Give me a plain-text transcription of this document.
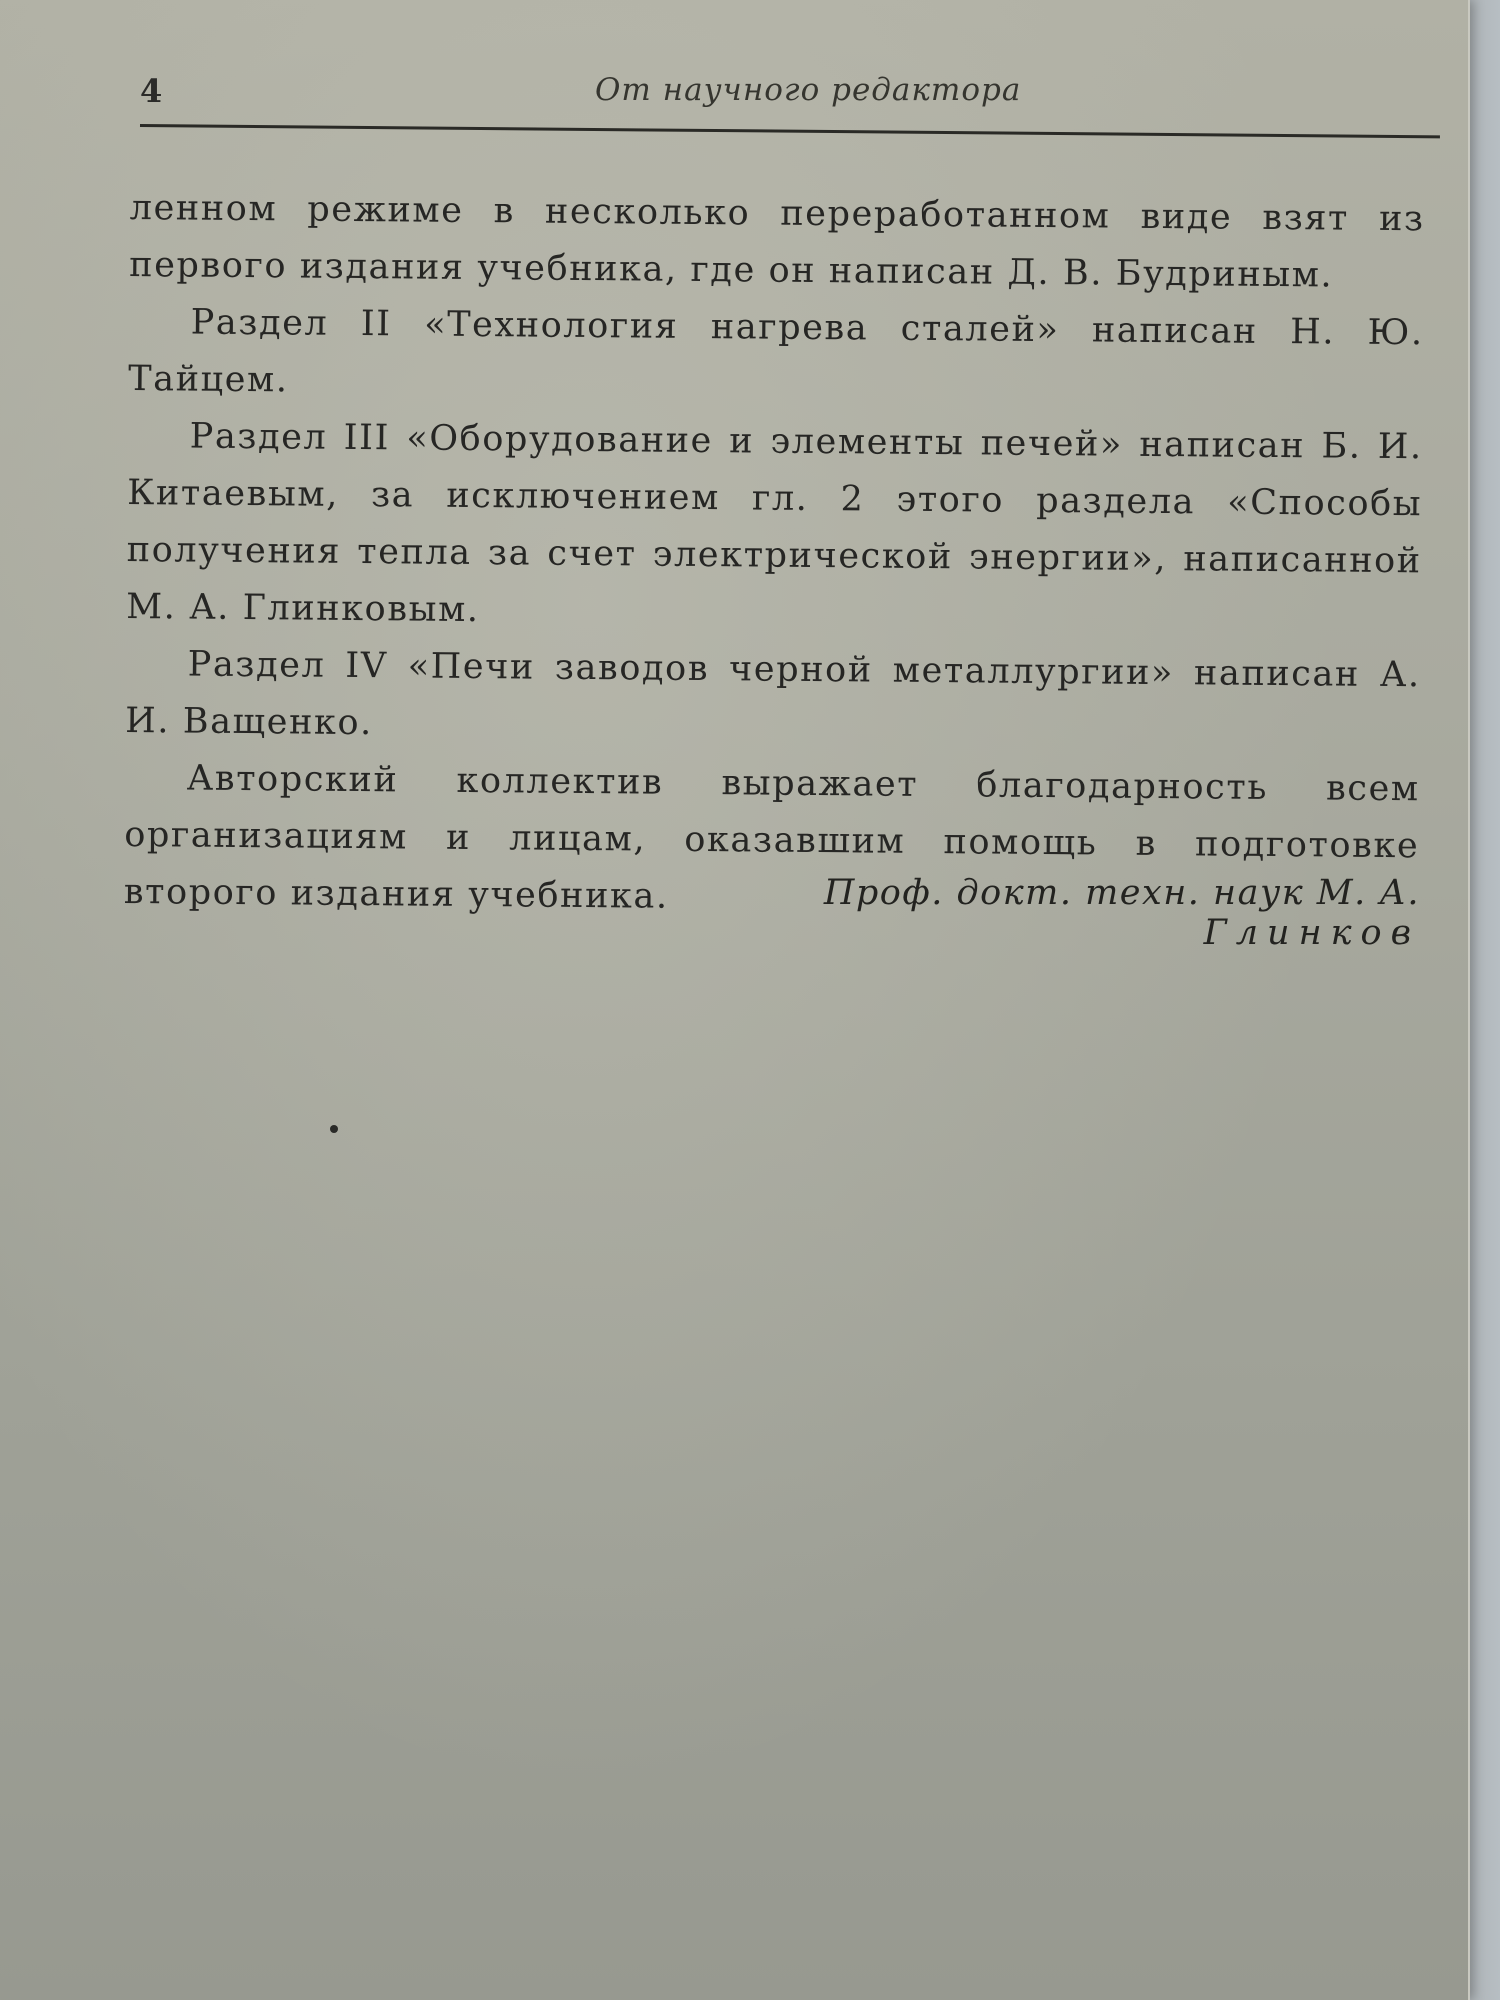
4	От научного редактора

ленном режиме в несколько переработанном виде взят из первого издания учебника, где он написан Д. В. Будриным.

Раздел II «Технология нагрева сталей» написан Н. Ю. Тайцем.

Раздел III «Оборудование и элементы печей» написан Б. И. Китаевым, за исключением гл. 2 этого раздела «Способы получения тепла за счет электрической энергии», написанной М. А. Глинковым.

Раздел IV «Печи заводов черной металлургии» написан А. И. Ващенко.

Авторский коллектив выражает благодарность всем организациям и лицам, оказавшим помощь в подготовке второго издания учебника.	Проф. докт. техн. наук М. А. Глинков
